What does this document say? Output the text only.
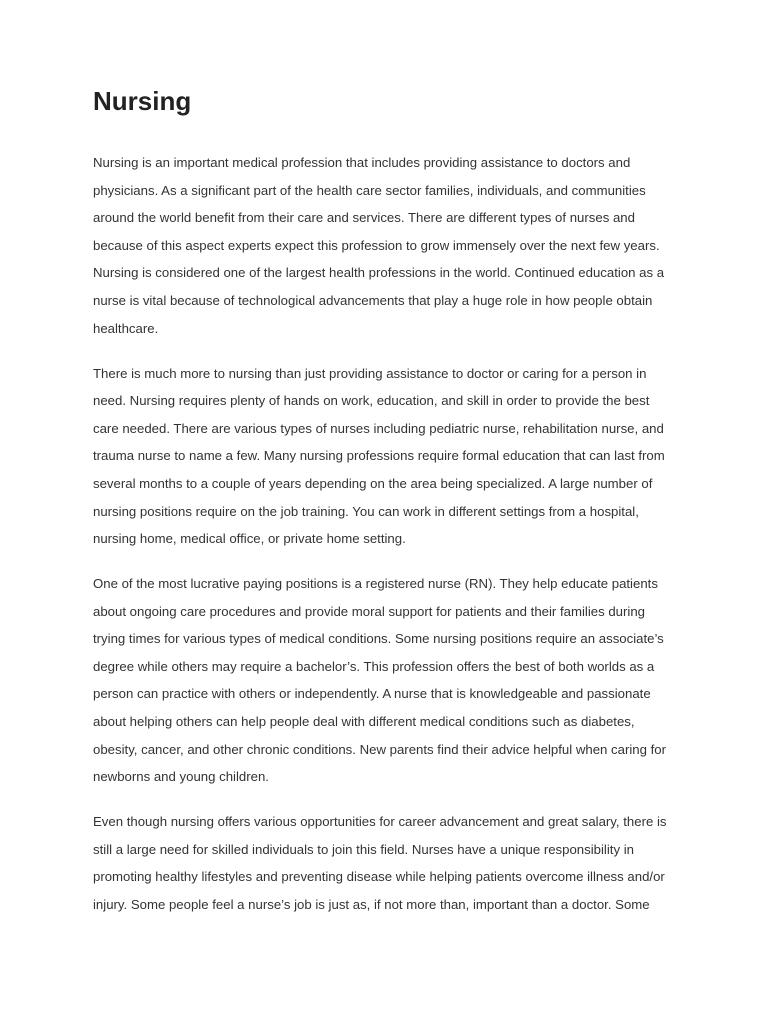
Nursing

Nursing is an important medical profession that includes providing assistance to doctors and physicians. As a significant part of the health care sector families, individuals, and communities around the world benefit from their care and services. There are different types of nurses and because of this aspect experts expect this profession to grow immensely over the next few years. Nursing is considered one of the largest health professions in the world. Continued education as a nurse is vital because of technological advancements that play a huge role in how people obtain healthcare.

There is much more to nursing than just providing assistance to doctor or caring for a person in need. Nursing requires plenty of hands on work, education, and skill in order to provide the best care needed. There are various types of nurses including pediatric nurse, rehabilitation nurse, and trauma nurse to name a few. Many nursing professions require formal education that can last from several months to a couple of years depending on the area being specialized. A large number of nursing positions require on the job training. You can work in different settings from a hospital, nursing home, medical office, or private home setting.

One of the most lucrative paying positions is a registered nurse (RN). They help educate patients about ongoing care procedures and provide moral support for patients and their families during trying times for various types of medical conditions. Some nursing positions require an associate’s degree while others may require a bachelor’s. This profession offers the best of both worlds as a person can practice with others or independently. A nurse that is knowledgeable and passionate about helping others can help people deal with different medical conditions such as diabetes, obesity, cancer, and other chronic conditions. New parents find their advice helpful when caring for newborns and young children.

Even though nursing offers various opportunities for career advancement and great salary, there is still a large need for skilled individuals to join this field. Nurses have a unique responsibility in promoting healthy lifestyles and preventing disease while helping patients overcome illness and/or injury. Some people feel a nurse’s job is just as, if not more than, important than a doctor. Some
